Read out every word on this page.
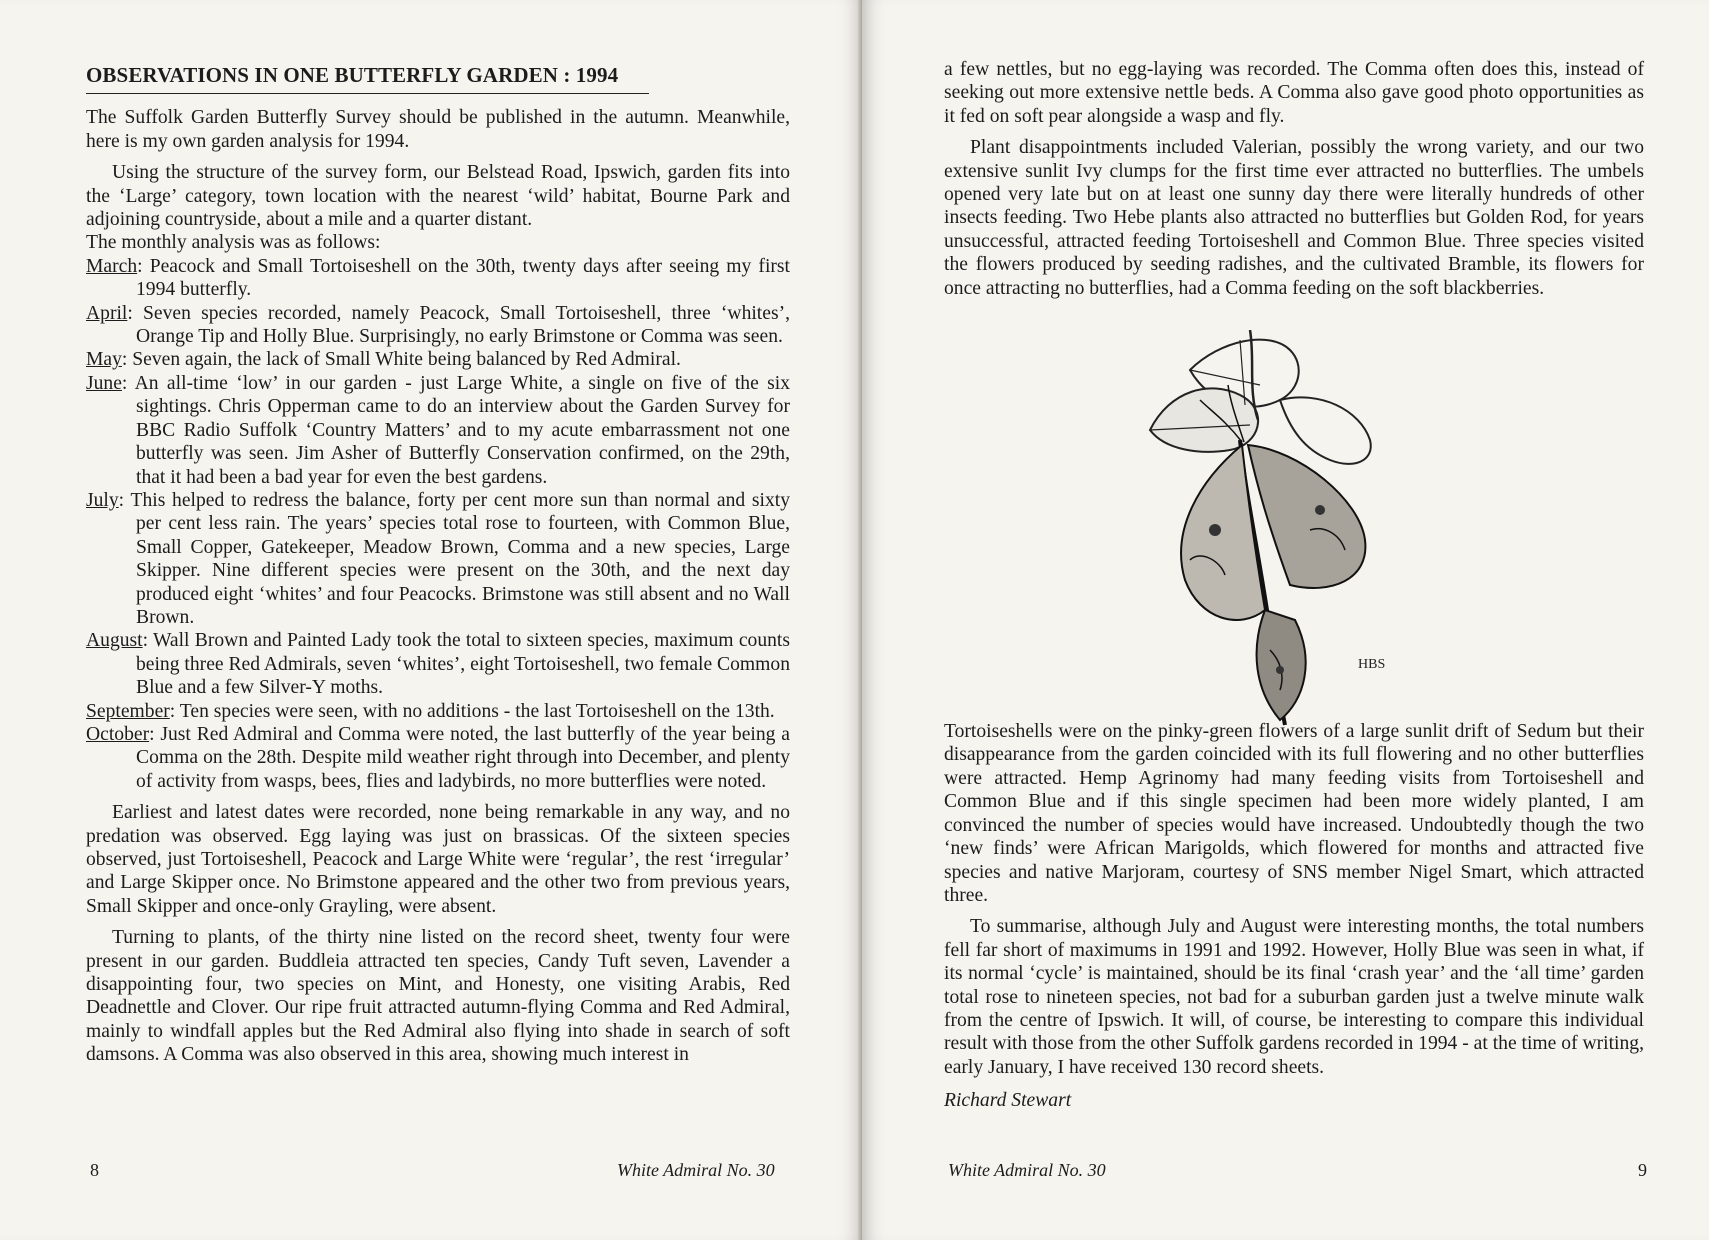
OBSERVATIONS IN ONE BUTTERFLY GARDEN : 1994

The Suffolk Garden Butterfly Survey should be published in the autumn. Meanwhile, here is my own garden analysis for 1994.

Using the structure of the survey form, our Belstead Road, Ipswich, garden fits into the ‘Large’ category, town location with the nearest ‘wild’ habitat, Bourne Park and adjoining countryside, about a mile and a quarter distant.

The monthly analysis was as follows:

March: Peacock and Small Tortoiseshell on the 30th, twenty days after seeing my first 1994 butterfly.
April: Seven species recorded, namely Peacock, Small Tortoiseshell, three ‘whites’, Orange Tip and Holly Blue. Surprisingly, no early Brimstone or Comma was seen.
May: Seven again, the lack of Small White being balanced by Red Admiral.
June: An all-time ‘low’ in our garden - just Large White, a single on five of the six sightings. Chris Opperman came to do an interview about the Garden Survey for BBC Radio Suffolk ‘Country Matters’ and to my acute embarrassment not one butterfly was seen. Jim Asher of Butterfly Conservation confirmed, on the 29th, that it had been a bad year for even the best gardens.
July: This helped to redress the balance, forty per cent more sun than normal and sixty per cent less rain. The years’ species total rose to fourteen, with Common Blue, Small Copper, Gatekeeper, Meadow Brown, Comma and a new species, Large Skipper. Nine different species were present on the 30th, and the next day produced eight ‘whites’ and four Peacocks. Brimstone was still absent and no Wall Brown.
August: Wall Brown and Painted Lady took the total to sixteen species, maximum counts being three Red Admirals, seven ‘whites’, eight Tortoiseshell, two female Common Blue and a few Silver-Y moths.
September: Ten species were seen, with no additions - the last Tortoiseshell on the 13th.
October: Just Red Admiral and Comma were noted, the last butterfly of the year being a Comma on the 28th. Despite mild weather right through into December, and plenty of activity from wasps, bees, flies and ladybirds, no more butterflies were noted.

Earliest and latest dates were recorded, none being remarkable in any way, and no predation was observed. Egg laying was just on brassicas. Of the sixteen species observed, just Tortoiseshell, Peacock and Large White were ‘regular’, the rest ‘irregular’ and Large Skipper once. No Brimstone appeared and the other two from previous years, Small Skipper and once-only Grayling, were absent.

Turning to plants, of the thirty nine listed on the record sheet, twenty four were present in our garden. Buddleia attracted ten species, Candy Tuft seven, Lavender a disappointing four, two species on Mint, and Honesty, one visiting Arabis, Red Deadnettle and Clover. Our ripe fruit attracted autumn-flying Comma and Red Admiral, mainly to windfall apples but the Red Admiral also flying into shade in search of soft damsons. A Comma was also observed in this area, showing much interest in

8	White Admiral No. 30

a few nettles, but no egg-laying was recorded. The Comma often does this, instead of seeking out more extensive nettle beds. A Comma also gave good photo opportunities as it fed on soft pear alongside a wasp and fly.

Plant disappointments included Valerian, possibly the wrong variety, and our two extensive sunlit Ivy clumps for the first time ever attracted no butterflies. The umbels opened very late but on at least one sunny day there were literally hundreds of other insects feeding. Two Hebe plants also attracted no butterflies but Golden Rod, for years unsuccessful, attracted feeding Tortoiseshell and Common Blue. Three species visited the flowers produced by seeding radishes, and the cultivated Bramble, its flowers for once attracting no butterflies, had a Comma feeding on the soft blackberries.

Tortoiseshells were on the pinky-green flowers of a large sunlit drift of Sedum but their disappearance from the garden coincided with its full flowering and no other butterflies were attracted. Hemp Agrinomy had many feeding visits from Tortoiseshell and Common Blue and if this single specimen had been more widely planted, I am convinced the number of species would have increased. Undoubtedly though the two ‘new finds’ were African Marigolds, which flowered for months and attracted five species and native Marjoram, courtesy of SNS member Nigel Smart, which attracted three.

To summarise, although July and August were interesting months, the total numbers fell far short of maximums in 1991 and 1992. However, Holly Blue was seen in what, if its normal ‘cycle’ is maintained, should be its final ‘crash year’ and the ‘all time’ garden total rose to nineteen species, not bad for a suburban garden just a twelve minute walk from the centre of Ipswich. It will, of course, be interesting to compare this individual result with those from the other Suffolk gardens recorded in 1994 - at the time of writing, early January, I have received 130 record sheets.

Richard Stewart

HBS
White Admiral No. 30	9
